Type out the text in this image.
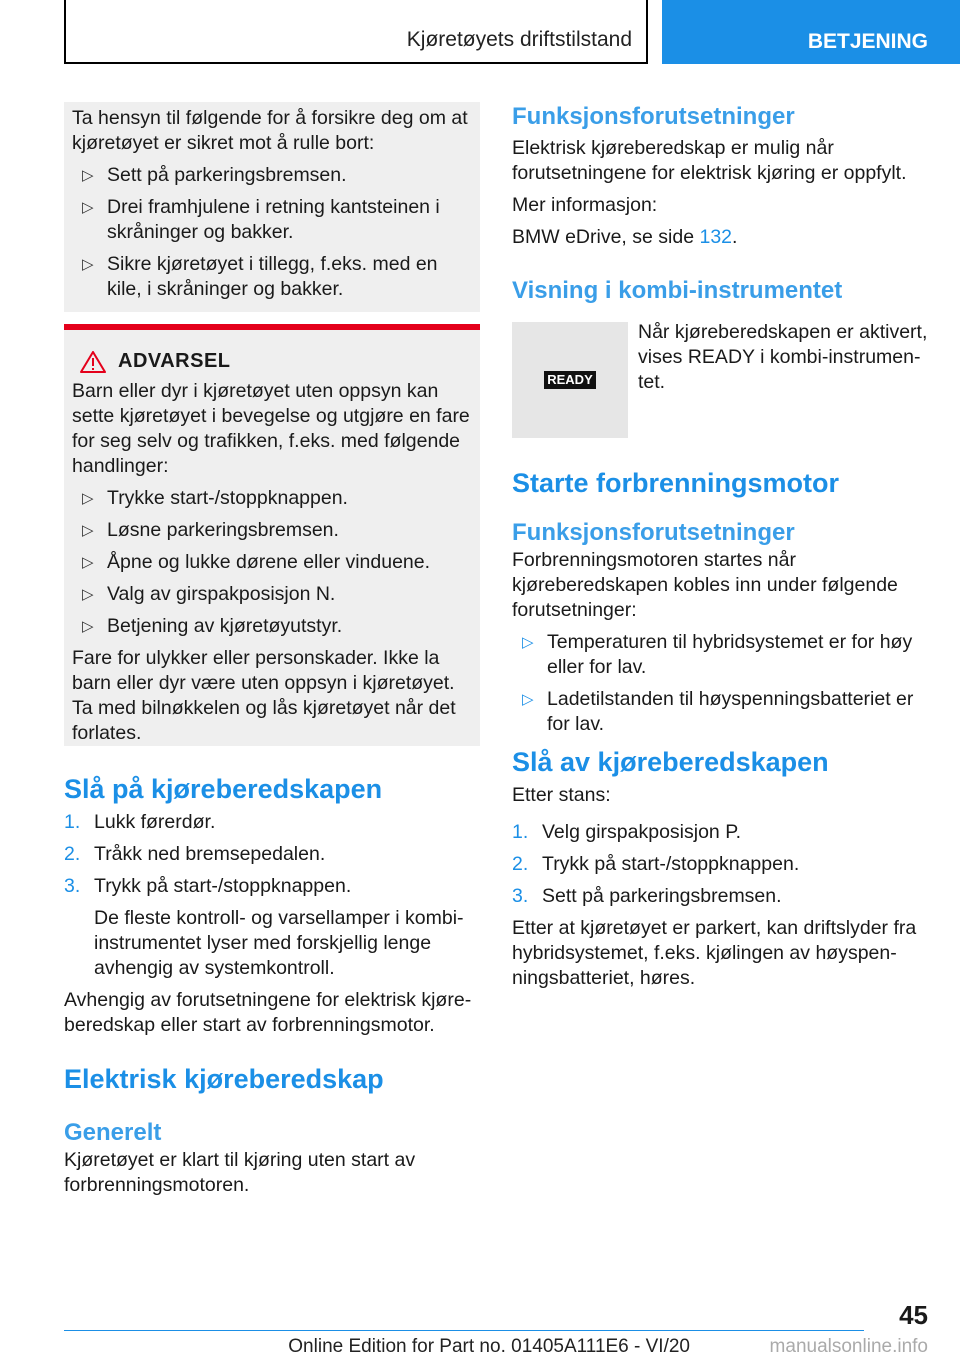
Kjøretøyets driftstilstand	BETJENING

Ta hensyn til følgende for å forsikre deg om at kjøretøyet er sikret mot å rulle bort:

▷ Sett på parkeringsbremsen.
▷ Drei framhjulene i retning kantsteinen i skråninger og bakker.
▷ Sikre kjøretøyet i tillegg, f.eks. med en kile, i skråninger og bakker.
ADVARSEL

Barn eller dyr i kjøretøyet uten oppsyn kan sette kjøretøyet i bevegelse og utgjøre en fare for seg selv og trafikken, f.eks. med følgende handlinger:

▷ Trykke start-/stoppknappen.
▷ Løsne parkeringsbremsen.
▷ Åpne og lukke dørene eller vinduene.
▷ Valg av girspakposisjon N.
▷ Betjening av kjøretøyutstyr.

Fare for ulykker eller personskader. Ikke la barn eller dyr være uten oppsyn i kjøretøyet. Ta med bilnøkkelen og lås kjøretøyet når det forlates.

Slå på kjøreberedskapen
1. Lukk førerdør.
2. Tråkk ned bremsepedalen.
3. Trykk på start-/stoppknappen.

De fleste kontroll- og varsellamper i kombi-instrumentet lyser med forskjellig lenge avhengig av systemkontroll.

Avhengig av forutsetningene for elektrisk kjøreberedskap eller start av forbrenningsmotor.

Elektrisk kjøreberedskap
Generelt

Kjøretøyet er klart til kjøring uten start av forbrenningsmotoren.

Funksjonsforutsetninger

Elektrisk kjøreberedskap er mulig når forutsetningene for elektrisk kjøring er oppfylt.

Mer informasjon:

BMW eDrive, se side 132.

Visning i kombi-instrumentet
READY

Når kjøreberedskapen er aktivert, vises READY i kombi-instrumentet.

Starte forbrenningsmotor
Funksjonsforutsetninger

Forbrenningsmotoren startes når kjøreberedskapen kobles inn under følgende forutsetninger:

▷ Temperaturen til hybridsystemet er for høy eller for lav.
▷ Ladetilstanden til høyspenningsbatteriet er for lav.
Slå av kjøreberedskapen

Etter stans:

1. Velg girspakposisjon P.
2. Trykk på start-/stoppknappen.
3. Sett på parkeringsbremsen.

Etter at kjøretøyet er parkert, kan driftslyder fra hybridsystemet, f.eks. kjølingen av høyspenningsbatteriet, høres.

45
Online Edition for Part no. 01405A111E6 - VI/20	manualsonline.info
